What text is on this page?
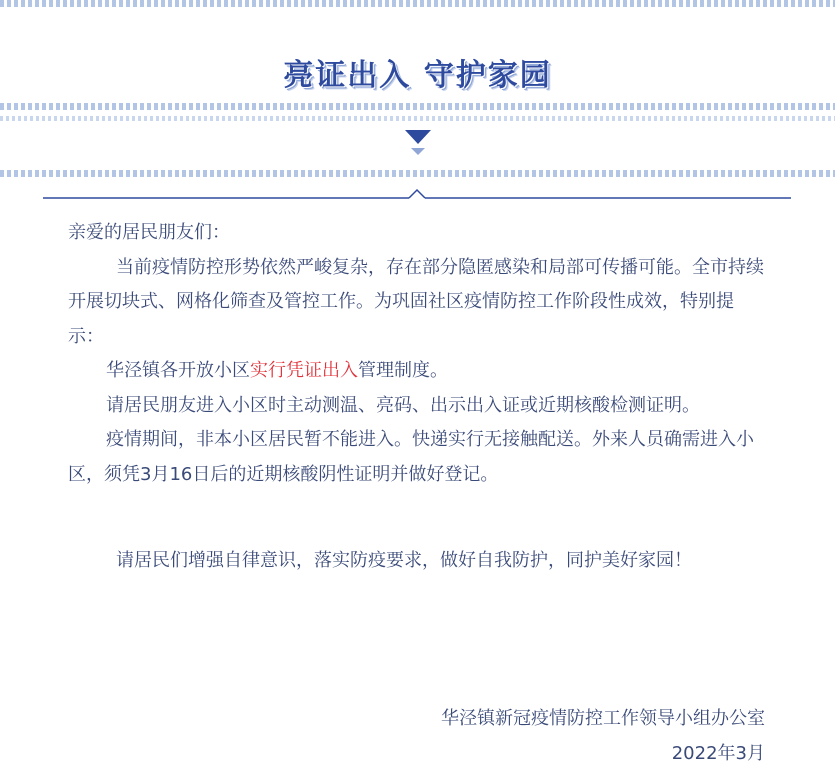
亮证出入 守护家园

亲爱的居民朋友们：

当前疫情防控形势依然严峻复杂，存在部分隐匿感染和局部可传播可能。全市持续开展切块式、网格化筛查及管控工作。为巩固社区疫情防控工作阶段性成效，特别提示：

华泾镇各开放小区实行凭证出入管理制度。

请居民朋友进入小区时主动测温、亮码、出示出入证或近期核酸检测证明。

疫情期间，非本小区居民暂不能进入。快递实行无接触配送。外来人员确需进入小区，须凭3月16日后的近期核酸阴性证明并做好登记。

请居民们增强自律意识，落实防疫要求，做好自我防护，同护美好家园！

华泾镇新冠疫情防控工作领导小组办公室
2022年3月
